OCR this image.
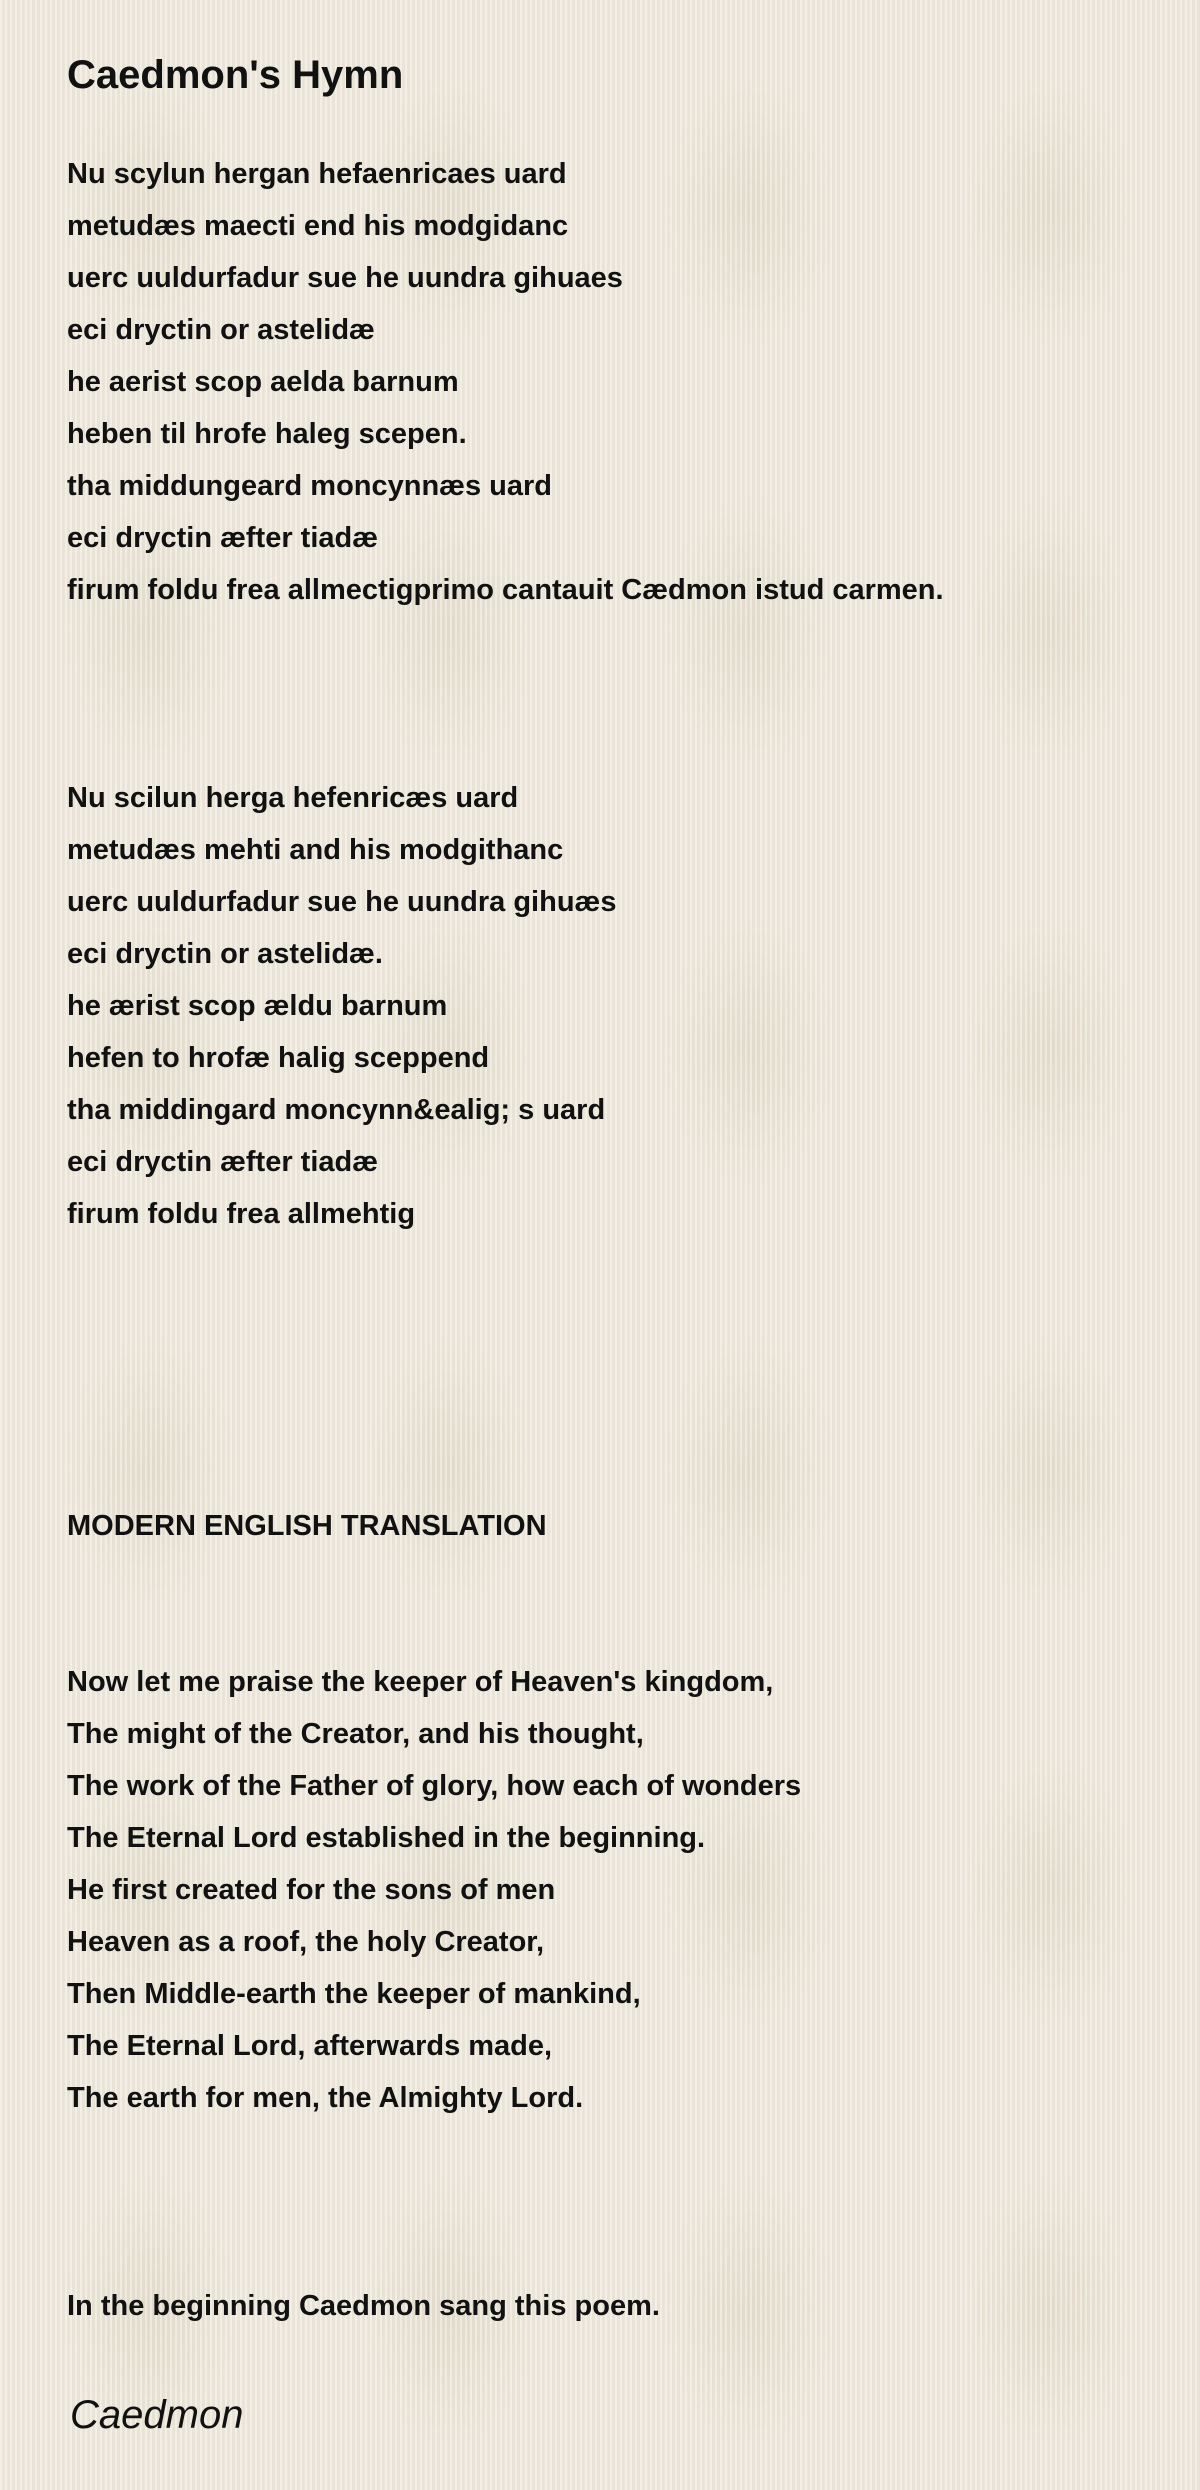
Caedmon's Hymn
Nu scylun hergan hefaenricaes uard
metudæs maecti end his modgidanc
uerc uuldurfadur sue he uundra gihuaes
eci dryctin or astelidæ
he aerist scop aelda barnum
heben til hrofe haleg scepen.
tha middungeard moncynnæs uard
eci dryctin æfter tiadæ
firum foldu frea allmectigprimo cantauit Cædmon istud carmen.
Nu scilun herga hefenricæs uard
metudæs mehti and his modgithanc
uerc uuldurfadur sue he uundra gihuæs
eci dryctin or astelidæ.
he ærist scop ældu barnum
hefen to hrofæ halig sceppend
tha middingard moncynn&ealig; s uard
eci dryctin æfter tiadæ
firum foldu frea allmehtig
MODERN ENGLISH TRANSLATION
Now let me praise the keeper of Heaven's kingdom,
The might of the Creator, and his thought,
The work of the Father of glory, how each of wonders
The Eternal Lord established in the beginning.
He first created for the sons of men
Heaven as a roof, the holy Creator,
Then Middle-earth the keeper of mankind,
The Eternal Lord, afterwards made,
The earth for men, the Almighty Lord.

In the beginning Caedmon sang this poem.

Caedmon
